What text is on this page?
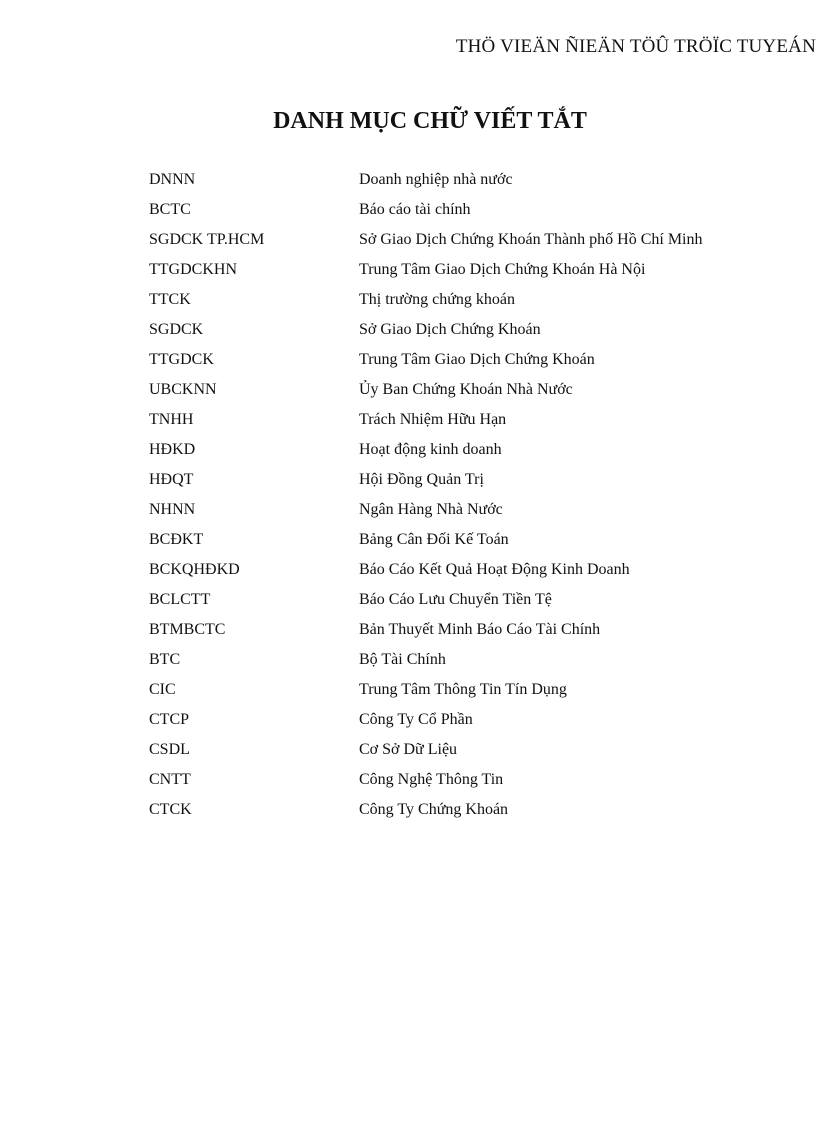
THÖ VIEÄN ÑIEÄN TÖÛ TRÖÏC TUYEÁN
DANH MỤC CHỮ VIẾT TẮT
DNNN	Doanh nghiệp nhà nước
BCTC	Báo cáo tài chính
SGDCK TP.HCM	Sở Giao Dịch Chứng Khoán Thành phố Hồ Chí Minh
TTGDCKHN	Trung Tâm Giao Dịch Chứng Khoán Hà Nội
TTCK	Thị trường chứng khoán
SGDCK	Sở Giao Dịch Chứng Khoán
TTGDCK	Trung Tâm Giao Dịch Chứng Khoán
UBCKNN	Ủy Ban Chứng Khoán Nhà Nước
TNHH	Trách Nhiệm Hữu Hạn
HĐKD	Hoạt động kinh doanh
HĐQT	Hội Đồng Quản Trị
NHNN	Ngân Hàng Nhà Nước
BCĐKT	Bảng Cân Đối Kế Toán
BCKQHĐKD	Báo Cáo Kết Quả Hoạt Động Kinh Doanh
BCLCTT	Báo Cáo Lưu Chuyển Tiền Tệ
BTMBCTC	Bản Thuyết Minh Báo Cáo Tài Chính
BTC	Bộ Tài Chính
CIC	Trung Tâm Thông Tin Tín Dụng
CTCP	Công Ty Cổ Phần
CSDL	Cơ Sở Dữ Liệu
CNTT	Công Nghệ Thông Tin
CTCK	Công Ty Chứng Khoán
